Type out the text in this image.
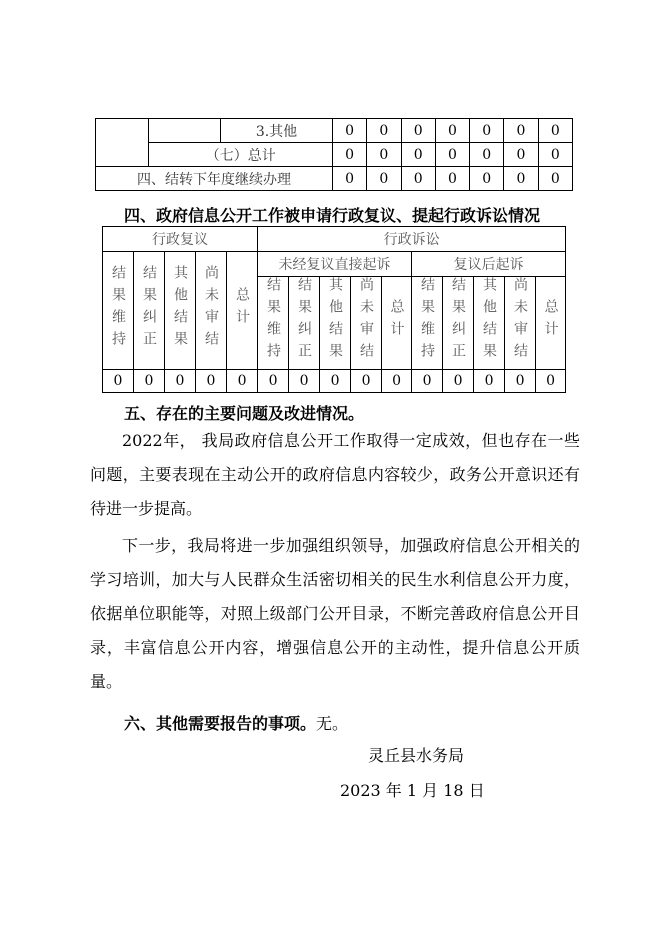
		3.其他	0	0	0	0	0	0	0
	（七）总计		0	0	0	0	0	0	0
四、结转下年度继续办理			0	0	0	0	0	0	0
四、政府信息公开工作被申请行政复议、提起行政诉讼情况
行政复议					行政诉讼									
结果维持	结果纠正	其他结果	尚未审结	总计	未经复议直接起诉					复议后起诉				
					结果维持	结果纠正	其他结果	尚未审结	总计	结果维持	结果纠正	其他结果	尚未审结	总计
0	0	0	0	0	0	0	0	0	0	0	0	0	0	0
五、存在的主要问题及改进情况。
2022年， 我局政府信息公开工作取得一定成效，但也存在一些问题，主要表现在主动公开的政府信息内容较少，政务公开意识还有待进一步提高。
下一步，我局将进一步加强组织领导，加强政府信息公开相关的学习培训，加大与人民群众生活密切相关的民生水利信息公开力度，依据单位职能等，对照上级部门公开目录，不断完善政府信息公开目录，丰富信息公开内容，增强信息公开的主动性，提升信息公开质量。
六、其他需要报告的事项。无。
灵丘县水务局
2023 年 1 月 18 日
